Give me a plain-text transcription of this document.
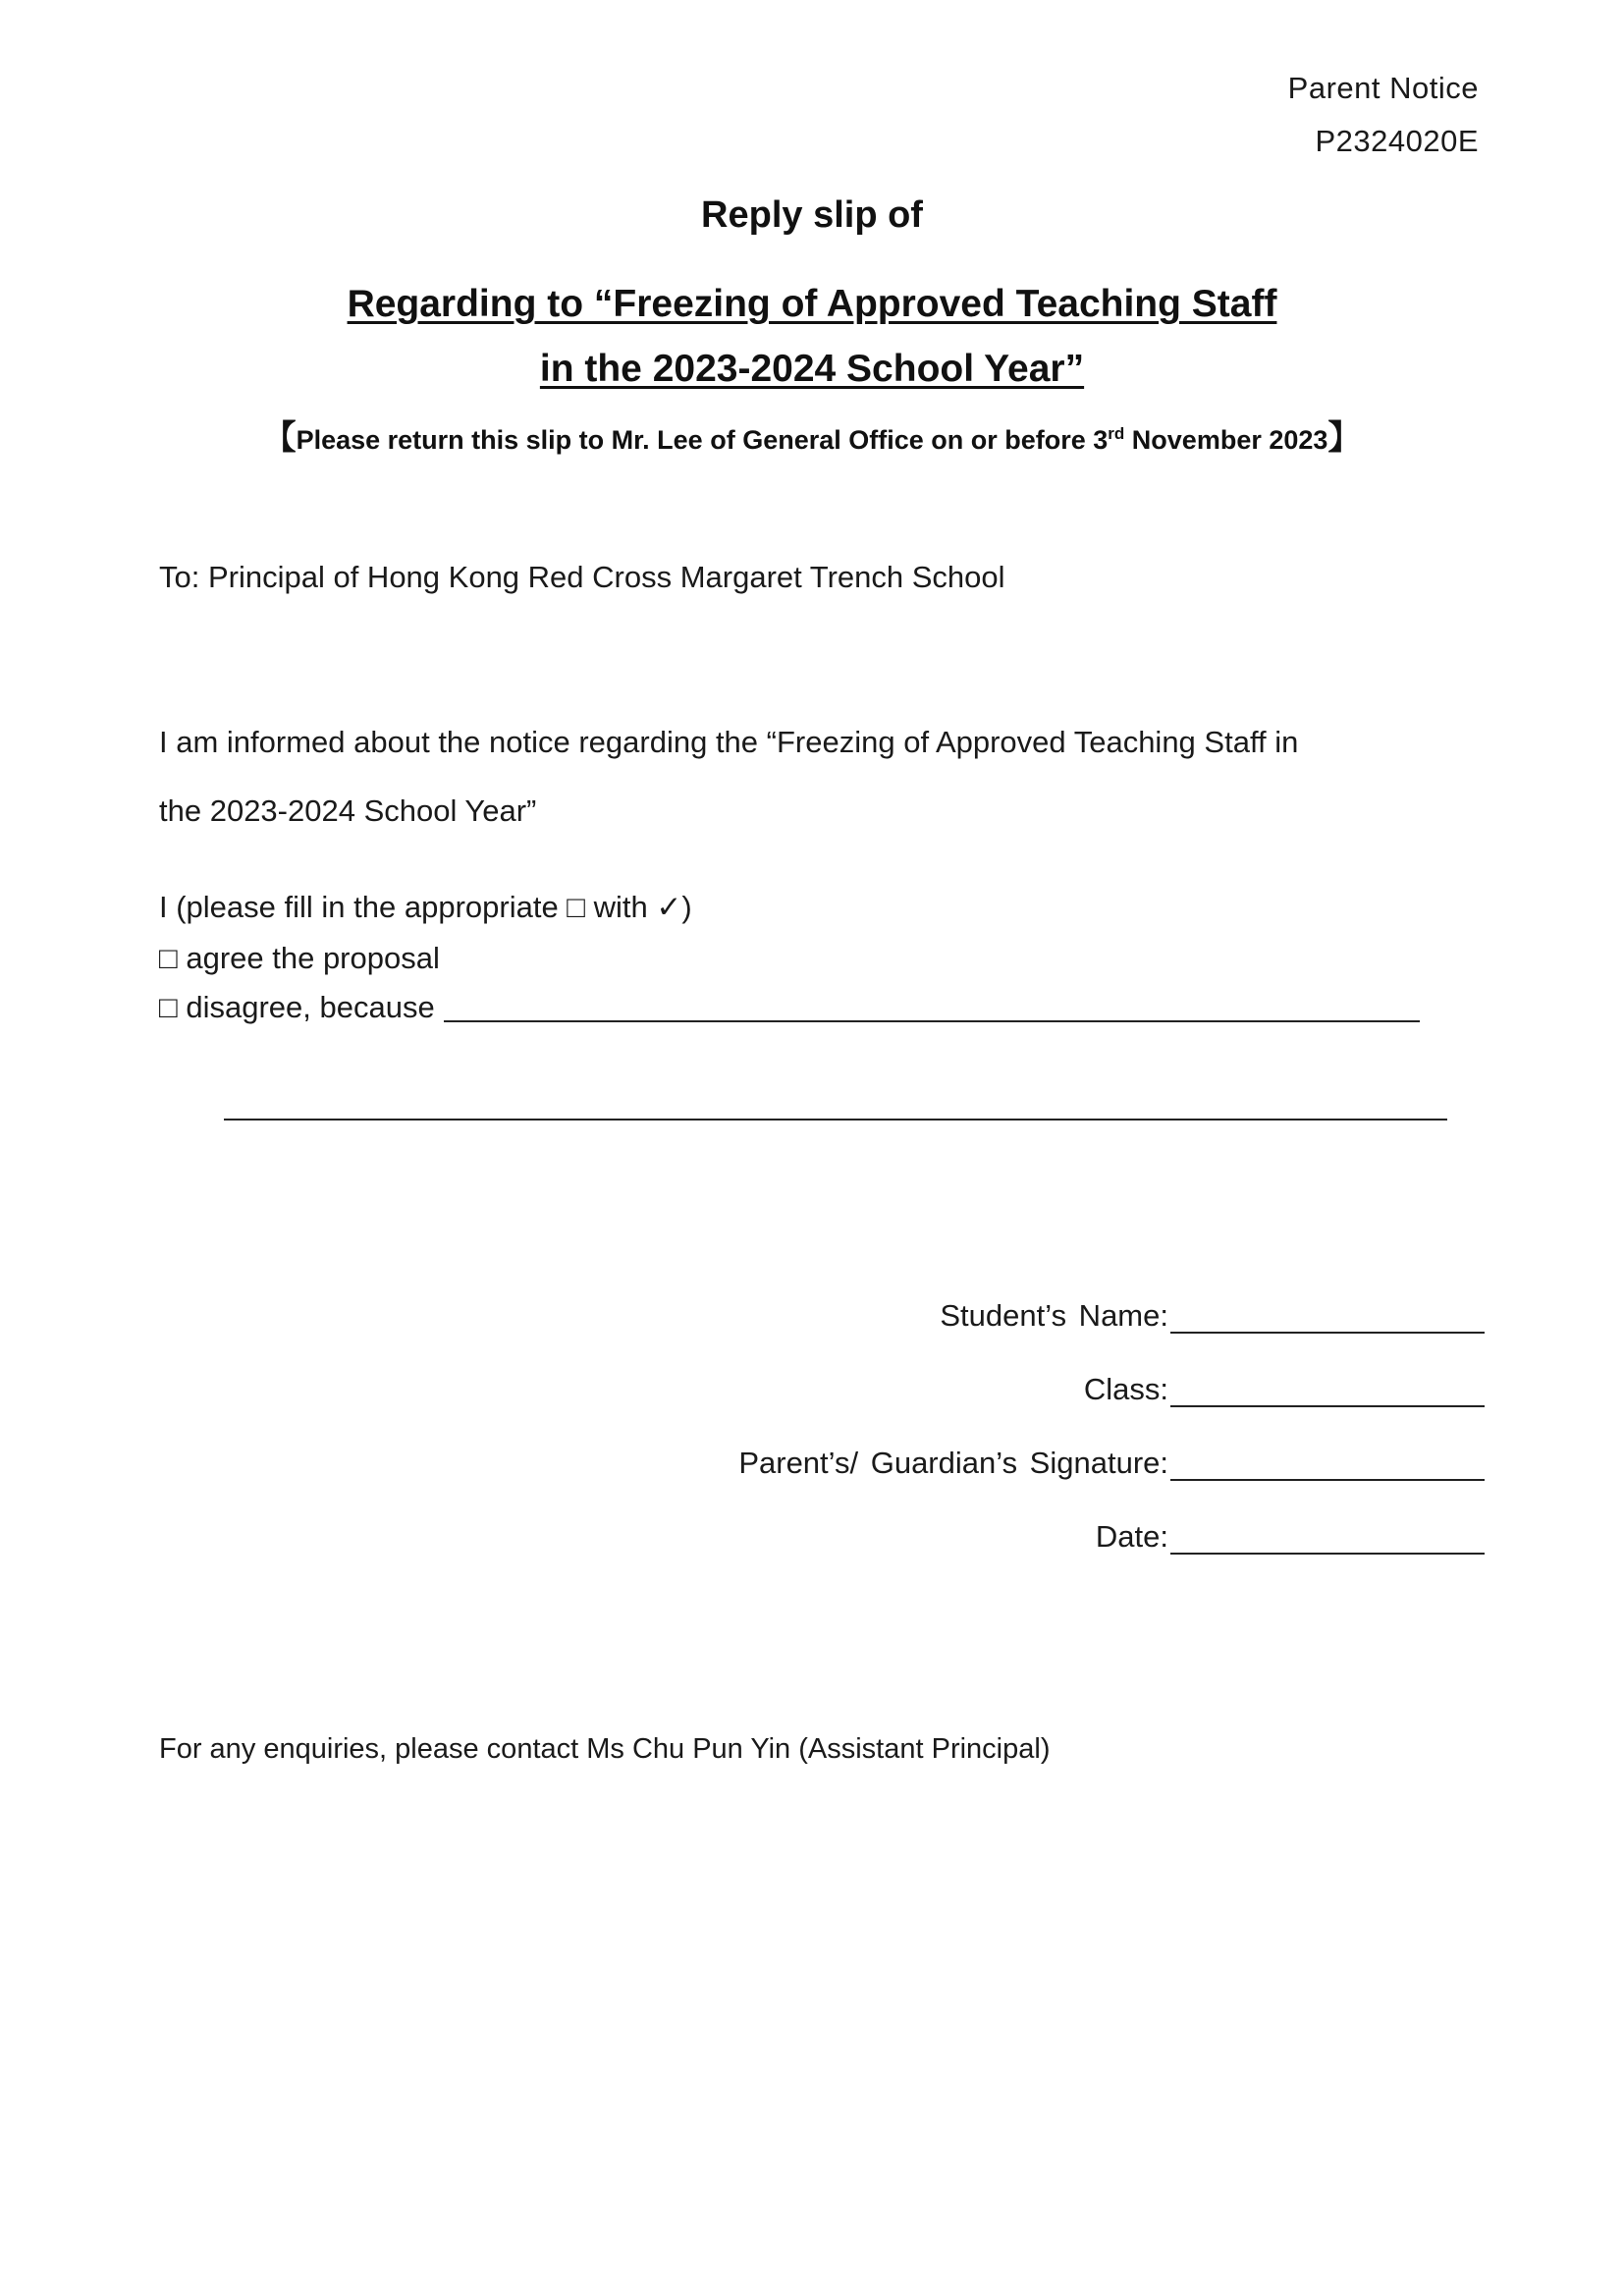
Parent Notice
P2324020E
Reply slip of
Regarding to “Freezing of Approved Teaching Staff
in the 2023-2024 School Year”
【Please return this slip to Mr. Lee of General Office on or before 3rd November 2023】
To: Principal of Hong Kong Red Cross Margaret Trench School
I am informed about the notice regarding the “Freezing of Approved Teaching Staff in
the 2023-2024 School Year”
I (please fill in the appropriate □ with ✓)
□ agree the proposal
□ disagree, because
Student’s Name:
Class:
Parent’s/ Guardian’s Signature:
Date:
For any enquiries, please contact Ms Chu Pun Yin (Assistant Principal)
